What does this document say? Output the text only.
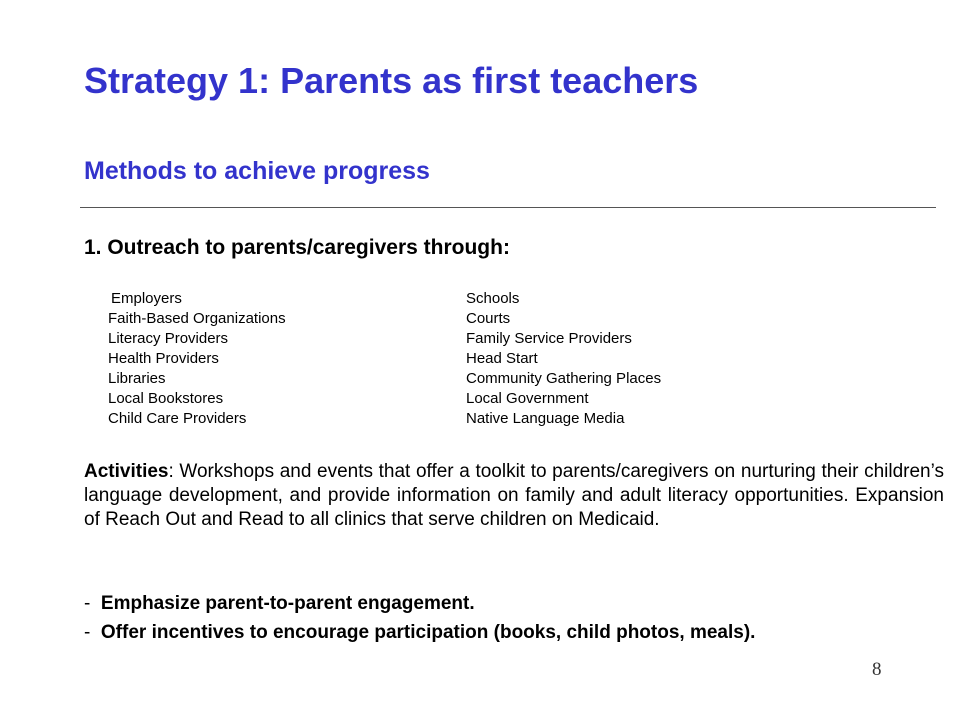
Strategy 1: Parents as first teachers
Methods to achieve progress
1. Outreach to parents/caregivers through:
Employers	Schools
Faith-Based Organizations	Courts
Literacy Providers	Family Service Providers
Health Providers	Head Start
Libraries	Community Gathering Places
Local Bookstores	Local Government
Child Care Providers	Native Language Media
Activities: Workshops and events that offer a toolkit to parents/caregivers on nurturing their children’s language development, and provide information on family and adult literacy opportunities. Expansion of Reach Out and Read to all clinics that serve children on Medicaid.
- Emphasize parent-to-parent engagement.
- Offer incentives to encourage participation (books, child photos, meals).
8
